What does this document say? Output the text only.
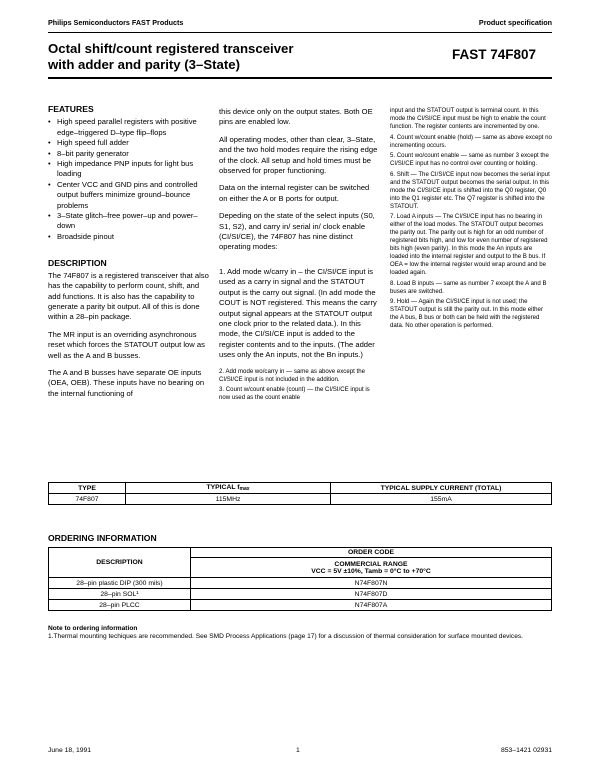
Philips Semiconductors FAST Products	Product specification
Octal shift/count registered transceiver
with adder and parity (3–State)
FAST 74F807
FEATURES
• High speed parallel registers with positive edge–triggered D–type flip–flops
• High speed full adder
• 8–bit parity generator
• High impedance PNP inputs for light bus loading
• Center VCC and GND pins and controlled output buffers minimize ground–bounce problems
• 3–State glitch–free power–up and power–down
• Broadside pinout
DESCRIPTION

The 74F807 is a registered transceiver that also has the capability to perform count, shift, and add functions. It is also has the capability to generate a parity bit output. All of this is done within a 28–pin package.

The MR input is an overriding asynchronous reset which forces the STATOUT output low as well as the A and B busses.

The A and B busses have separate OE inputs (OEA, OEB). These inputs have no bearing on the internal functioning of

this device only on the output states. Both OE pins are enabled low.

All operating modes, other than clear, 3–State, and the two hold modes require the rising edge of the clock. All setup and hold times must be observed for proper functioning.

Data on the internal register can be switched on either the A or B ports for output.

Depeding on the state of the select inputs (S0, S1, S2), and carry in/ serial in/ clock enable (CI/SI/CE), the 74F807 has nine distinct operating modes:

1. Add mode w/carry in – the CI/SI/CE input is used as a carry in signal and the STATOUT output is the carry out signal. (In add mode the COUT is NOT registered. This means the carry output signal appears at the STATOUT output one clock prior to the related data.). In this mode, the CI/SI/CE input is added to the register contents and to the inputs. (The adder uses only the An inputs, not the Bn inputs.)

2. Add mode wo/carry in — same as above except the CI/SI/CE input is not included in the addition.

3. Count w/count enable (count) — the CI/SI/CE input is now used as the count enable

input and the STATOUT output is terminal count. In this mode the CI/SI/CE input must be high to enable the count function. The register contents are incremented by one.

4. Count w/count enable (hold) — same as above except no incrementing occurs.

5. Count wo/count enable — same as number 3 except the CI/SI/CE input has no control over counting or holding.

6. Shift — The CI/SI/CE input now becomes the serial input and the STATOUT output becomes the serial output. In this mode the CI/SI/CE input is shifted into the Q0 register, Q0 into the Q1 register etc. The Q7 register is shifted into the STATOUT.

7. Load A inputs — The CI/SI/CE input has no bearing in either of the load modes. The STATOUT output becomes the parity out. The parity out is high for an odd number of registered bits high, and low for even number of registered bits high (even parity). In this mode the An inputs are loaded into the internal register and output to the B bus. If OEA = low the internal register would wrap around and be loaded again.

8. Load B inputs — same as number 7 except the A and B buses are switched.

9. Hold — Again the CI/SI/CE input is not used; the STATOUT output is still the parity out. In this mode either the A bus, B bus or both can be held with the registered data. No other operation is performed.

TYPE	TYPICAL $f_{max}$	TYPICAL SUPPLY CURRENT (TOTAL)
74F807	115MHz	155mA
ORDERING INFORMATION
DESCRIPTION	ORDER CODE

	COMMERCIAL RANGE
VCC = 5V ±10%, Tamb = 0°C to +70°C

28–pin plastic DIP (300 mils)	N74F807N
28–pin SOL¹	N74F807D
28–pin PLCC	N74F807A
Note to ordering information
1.Thermal mounting techiques are recommended. See SMD Process Applications (page 17) for a discussion of thermal consideration for surface mounted devices.
June 18, 1991	1	853–1421 02931
